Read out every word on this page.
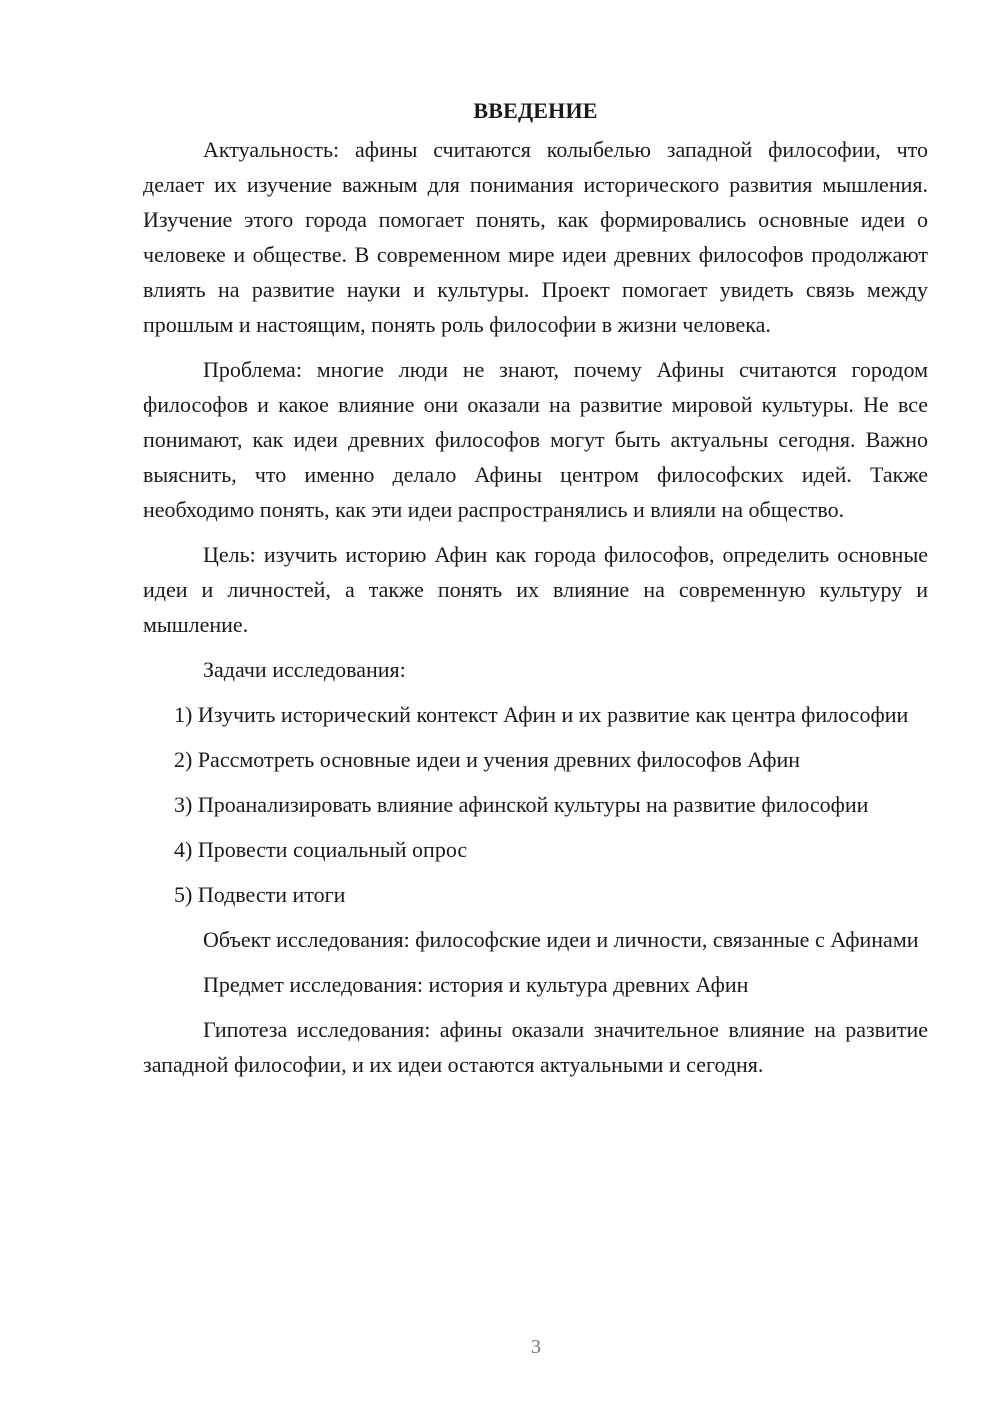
ВВЕДЕНИЕ

Актуальность: афины считаются колыбелью западной философии, что делает их изучение важным для понимания исторического развития мышления. Изучение этого города помогает понять, как формировались основные идеи о человеке и обществе. В современном мире идеи древних философов продолжают влиять на развитие науки и культуры. Проект помогает увидеть связь между прошлым и настоящим, понять роль философии в жизни человека.

Проблема: многие люди не знают, почему Афины считаются городом философов и какое влияние они оказали на развитие мировой культуры. Не все понимают, как идеи древних философов могут быть актуальны сегодня. Важно выяснить, что именно делало Афины центром философских идей. Также необходимо понять, как эти идеи распространялись и влияли на общество.

Цель: изучить историю Афин как города философов, определить основные идеи и личностей, а также понять их влияние на современную культуру и мышление.

Задачи исследования:

1) Изучить исторический контекст Афин и их развитие как центра философии

2) Рассмотреть основные идеи и учения древних философов Афин

3) Проанализировать влияние афинской культуры на развитие философии

4) Провести социальный опрос

5) Подвести итоги

Объект исследования: философские идеи и личности, связанные с Афинами

Предмет исследования: история и культура древних Афин

Гипотеза исследования: афины оказали значительное влияние на развитие западной философии, и их идеи остаются актуальными и сегодня.

3
